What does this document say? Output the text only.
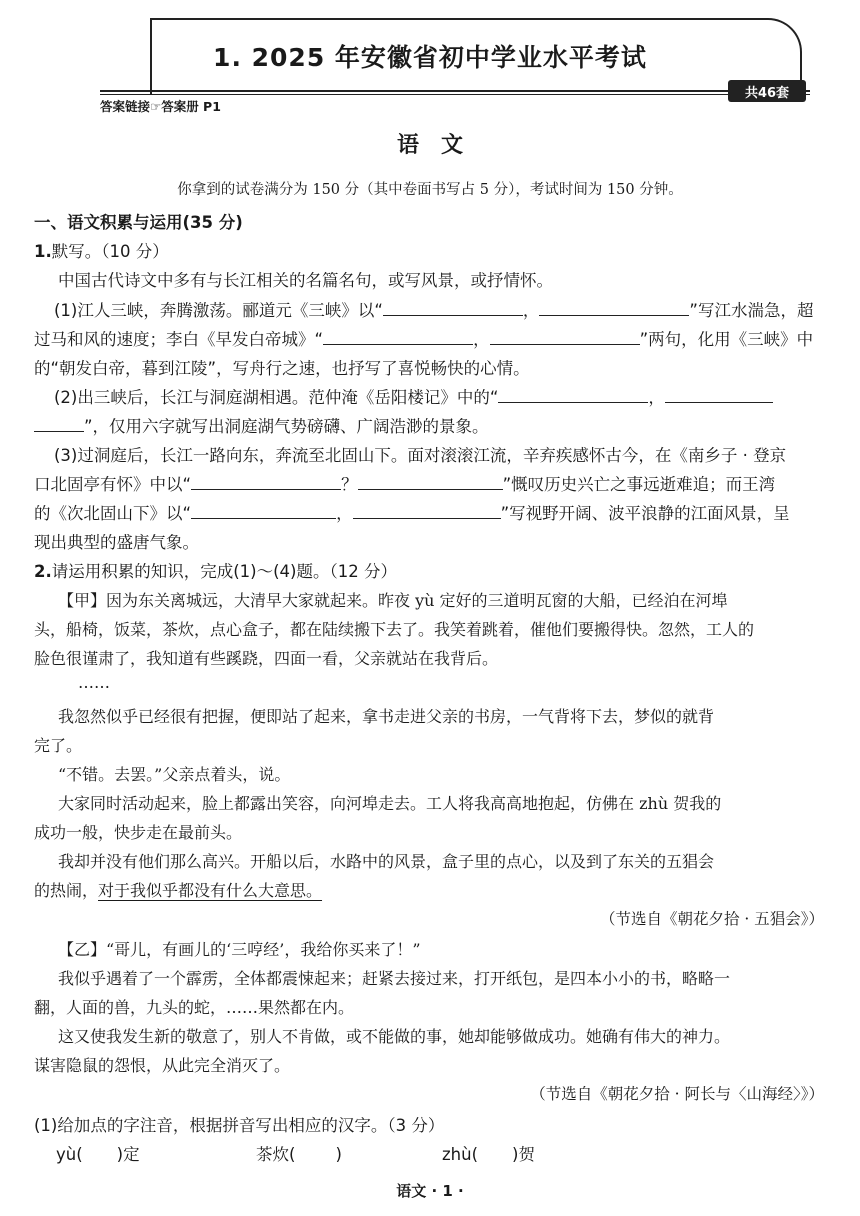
1. 2025 年安徽省初中学业水平考试
共46套
答案链接☞答案册 P1
语　文
你拿到的试卷满分为 150 分（其中卷面书写占 5 分），考试时间为 150 分钟。
一、语文积累与运用(35 分)
1.默写。（10 分）
中国古代诗文中多有与长江相关的名篇名句，或写风景，或抒情怀。
(1)江人三峡，奔腾激荡。郦道元《三峡》以“	，	”写江水湍急，超
过马和风的速度；李白《早发白帝城》“	，	”两句，化用《三峡》中
的“朝发白帝，暮到江陵”，写舟行之速，也抒写了喜悦畅快的心情。
(2)出三峡后，长江与洞庭湖相遇。范仲淹《岳阳楼记》中的“	，
”，仅用六字就写出洞庭湖气势磅礴、广阔浩渺的景象。
(3)过洞庭后，长江一路向东，奔流至北固山下。面对滚滚江流，辛弃疾感怀古今，在《南乡子 · 登京
口北固亭有怀》中以“	？	”慨叹历史兴亡之事远逝难追；而王湾
的《次北固山下》以“	，	”写视野开阔、波平浪静的江面风景，呈
现出典型的盛唐气象。
2.请运用积累的知识，完成(1)～(4)题。（12 分）
【甲】因为东关离城远，大清早大家就起来。昨夜 yù 定好的三道明瓦窗的大船，已经泊在河埠
头，船椅，饭菜，茶炊，点心盒子，都在陆续搬下去了。我笑着跳着，催他们要搬得快。忽然，工人的
脸色很谨肃了，我知道有些蹊跷，四面一看，父亲就站在我背后。
……
我忽然似乎已经很有把握，便即站了起来，拿书走进父亲的书房，一气背将下去，梦似的就背
完了。
“不错。去罢。”父亲点着头，说。
大家同时活动起来，脸上都露出笑容，向河埠走去。工人将我高高地抱起，仿佛在 zhù 贺我的
成功一般，快步走在最前头。
我却并没有他们那么高兴。开船以后，水路中的风景，盒子里的点心，以及到了东关的五猖会
的热闹，对于我似乎都没有什么大意思。
（节选自《朝花夕拾 · 五猖会》）
【乙】“哥儿，有画儿的‘三哼经’，我给你买来了！”
我似乎遇着了一个霹雳，全体都震悚起来；赶紧去接过来，打开纸包，是四本小小的书，略略一
翻，人面的兽，九头的蛇，……果然都在内。
这又使我发生新的敬意了，别人不肯做，或不能做的事，她却能够做成功。她确有伟大的神力。
谋害隐鼠的怨恨，从此完全消灭了。
（节选自《朝花夕拾 · 阿长与〈山海经〉》）
(1)给加点的字注音，根据拼音写出相应的汉字。（3 分）
yù( )定	茶炊( )	zhù( )贺
语文 · 1 ·
